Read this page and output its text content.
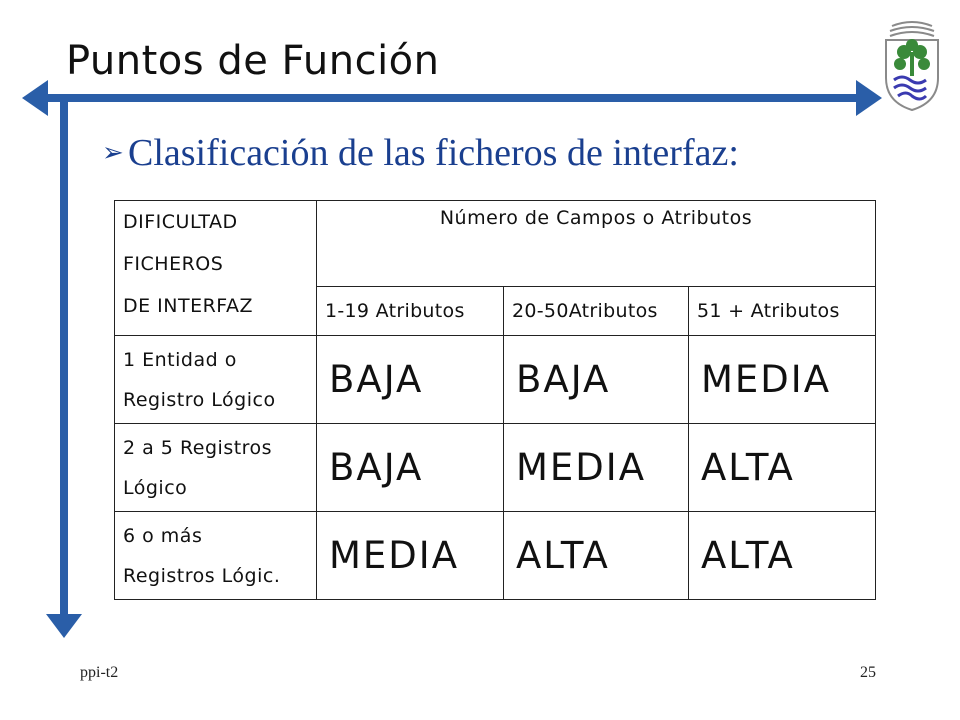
Puntos de Función
➢ Clasificación de las ficheros de interfaz:
DIFICULTAD
FICHEROS
DE INTERFAZ	Número de Campos o Atributos		
	1-19 Atributos	20-50Atributos	51 + Atributos

1 Entidad o
Registro Lógico	BAJA	BAJA	MEDIA

2 a 5 Registros
Lógico	BAJA	MEDIA	ALTA

6 o más
Registros Lógic.	MEDIA	ALTA	ALTA
ppi-t2	25
